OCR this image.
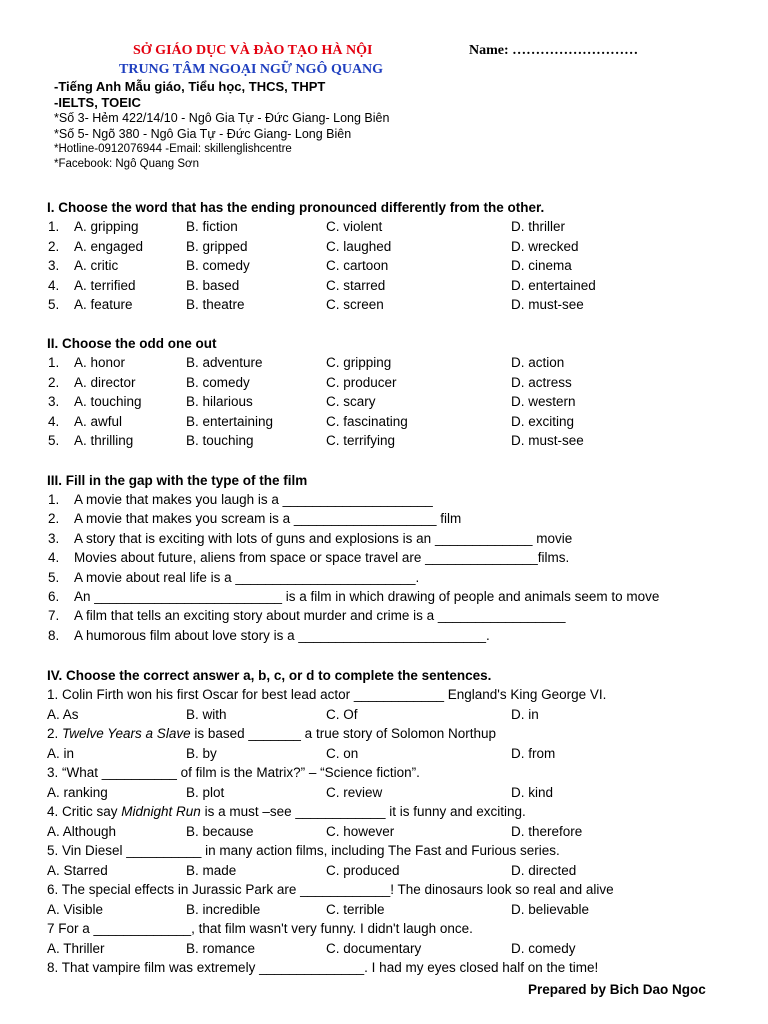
SỞ GIÁO DỤC VÀ ĐÀO TẠO HÀ NỘI
TRUNG TÂM NGOẠI NGỮ NGÔ QUANG
Name: ………………………
-Tiếng Anh Mẫu giáo, Tiểu học, THCS, THPT
-IELTS, TOEIC
*Số 3- Hẻm 422/14/10 - Ngô Gia Tự - Đức Giang- Long Biên
*Số 5- Ngõ 380 - Ngô Gia Tự - Đức Giang- Long Biên
*Hotline-0912076944 -Email: skillenglishcentre
*Facebook: Ngô Quang Sơn
I. Choose the word that has the ending pronounced differently from the other.
1. A. gripping	B. fiction	C. violent	D. thriller
2. A. engaged	B. gripped	C. laughed	D. wrecked
3. A. critic	B. comedy	C. cartoon	D. cinema
4. A. terrified	B. based	C. starred	D. entertained
5. A. feature	B. theatre	C. screen	D. must-see
II. Choose the odd one out
1. A. honor	B. adventure	C. gripping	D. action
2. A. director	B. comedy	C. producer	D. actress
3. A. touching	B. hilarious	C. scary	D. western
4. A. awful	B. entertaining	C. fascinating	D. exciting
5. A. thrilling	B. touching	C. terrifying	D. must-see
III. Fill in the gap with the type of the film
1. A movie that makes you laugh is a ____________________
2. A movie that makes you scream is a ___________________ film
3. A story that is exciting with lots of guns and explosions is an _____________ movie
4. Movies about future, aliens from space or space travel are _______________films.
5. A movie about real life is a ________________________.
6. An _________________________ is a film in which drawing of people and animals seem to move
7. A film that tells an exciting story about murder and crime is a _________________
8. A humorous film about love story is a _________________________.
IV. Choose the correct answer a, b, c, or d to complete the sentences.
1. Colin Firth won his first Oscar for best lead actor ____________ England's King George VI.
A. As	B. with	C. Of	D. in
2. Twelve Years a Slave is based _______ a true story of Solomon Northup
A. in	B. by	C. on	D. from
3. “What __________ of film is the Matrix?” – “Science fiction”.
A. ranking	B. plot	C. review	D. kind
4. Critic say Midnight Run is a must –see ____________ it is funny and exciting.
A. Although	B. because	C. however	D. therefore
5. Vin Diesel __________ in many action films, including The Fast and Furious series.
A. Starred	B. made	C. produced	D. directed
6. The special effects in Jurassic Park are ____________! The dinosaurs look so real and alive
A. Visible	B. incredible	C. terrible	D. believable
7 For a _____________, that film wasn't very funny. I didn't laugh once.
A. Thriller	B. romance	C. documentary	D. comedy
8. That vampire film was extremely ______________. I had my eyes closed half on the time!
Prepared by Bich Dao Ngoc
